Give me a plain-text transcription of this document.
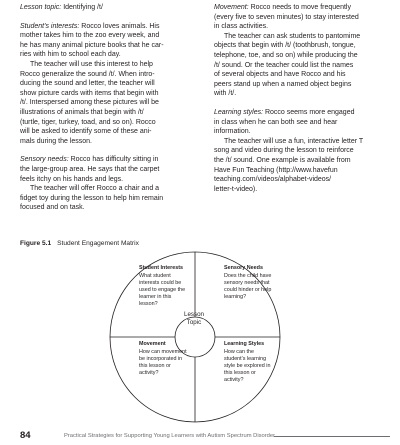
Lesson topic: Identifying /t/

Student's interests: Rocco loves animals. His
mother takes him to the zoo every week, and
he has many animal picture books that he car-
ries with him to school each day.

The teacher will use this interest to help
Rocco generalize the sound /t/. When intro-
ducing the sound and letter, the teacher will
show picture cards with items that begin with
/t/. Interspersed among these pictures will be
illustrations of animals that begin with /t/
(turtle, tiger, turkey, toad, and so on). Rocco
will be asked to identify some of these ani-
mals during the lesson.

Sensory needs: Rocco has difficulty sitting in
the large-group area. He says that the carpet
feels itchy on his hands and legs.

The teacher will offer Rocco a chair and a
fidget toy during the lesson to help him remain
focused and on task.

Movement: Rocco needs to move frequently
(every five to seven minutes) to stay interested
in class activities.

The teacher can ask students to pantomime
objects that begin with /t/ (toothbrush, tongue,
telephone, toe, and so on) while producing the
/t/ sound. Or the teacher could list the names
of several objects and have Rocco and his
peers stand up when a named object begins
with /t/.

Learning styles: Rocco seems more engaged
in class when he can both see and hear
information.

The teacher will use a fun, interactive letter T
song and video during the lesson to reinforce
the /t/ sound. One example is available from
Have Fun Teaching (http://www.havefun
teaching.com/videos/alphabet-videos/
letter-t-video).

Figure 5.1 Student Engagement Matrix
Lesson
Topic
Student Interests
What student
interests could be
used to engage the
learner in this
lesson?
Sensory Needs
Does the child have
sensory needs that
could hinder or help
learning?
Movement
How can movement
be incorporated in
this lesson or
activity?
Learning Styles
How can the
student's learning
style be explored in
this lesson or
activity?
84	Practical Strategies for Supporting Young Learners with Autism Spectrum Disorder
